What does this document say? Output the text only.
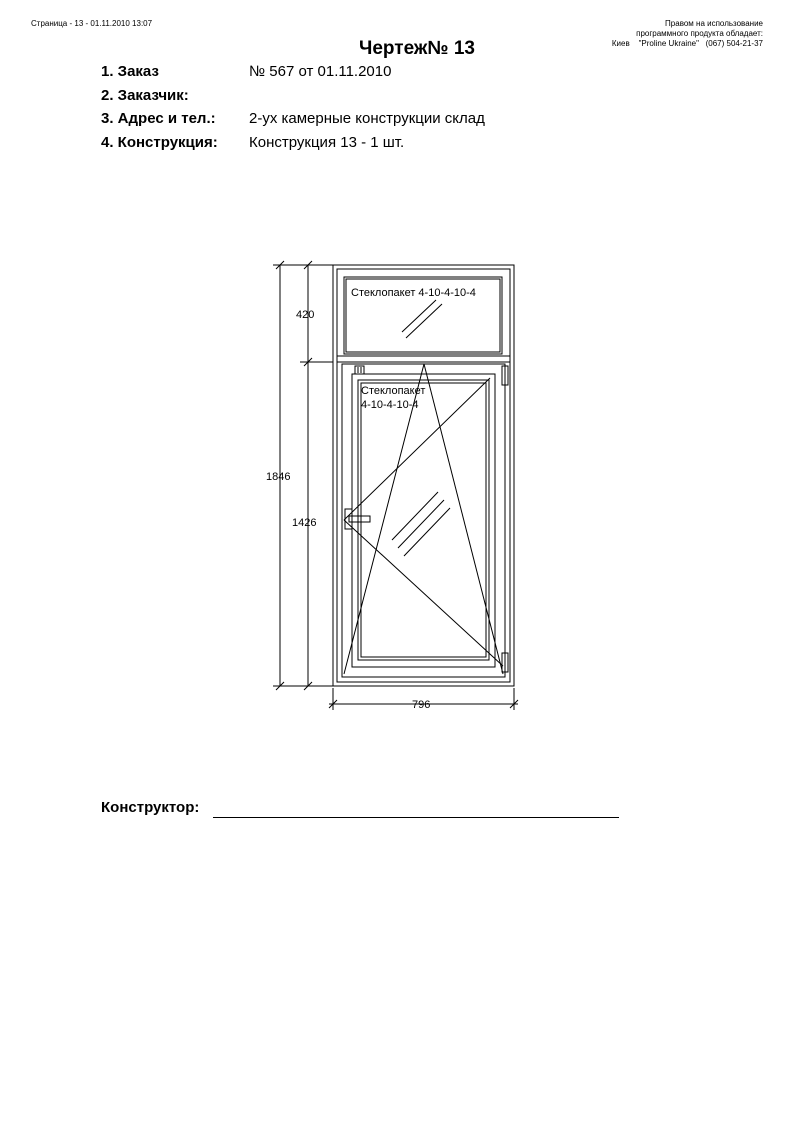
Страница - 13 - 01.11.2010 13:07	Правом на использование
программного продукта обладает:
Киев    "Proline Ukraine"   (067) 504-21-37
Чертеж№ 13
1. Заказ	№ 567 от 01.11.2010
2. Заказчик:
3. Адрес и тел.:	2-ух камерные конструкции склад
4. Конструкция:	Конструкция 13 - 1 шт.
1846
420
1426
796
Стеклопакет 4-10-4-10-4
Стеклопакет
4-10-4-10-4
Конструктор:
